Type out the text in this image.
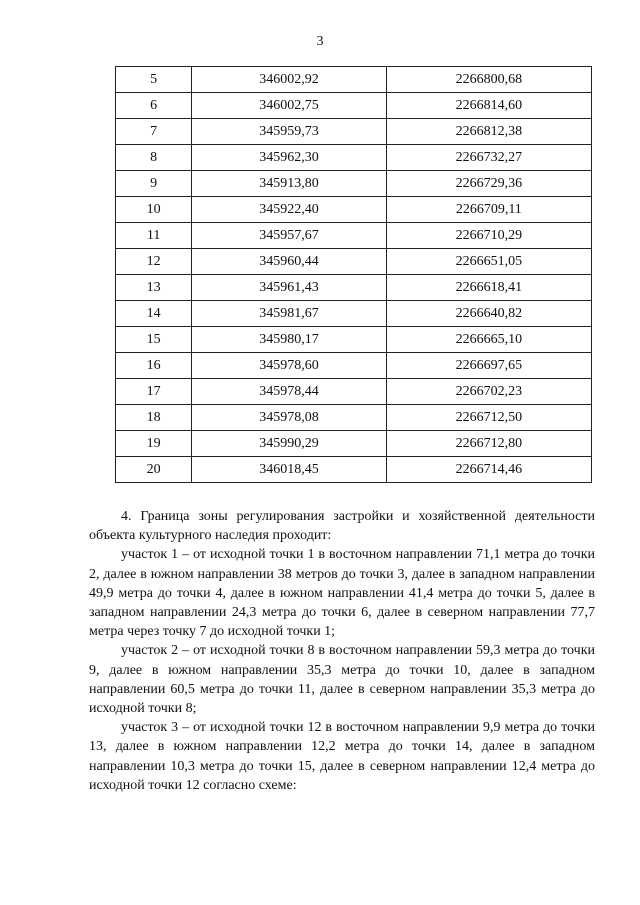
3
5	346002,92	2266800,68
6	346002,75	2266814,60
7	345959,73	2266812,38
8	345962,30	2266732,27
9	345913,80	2266729,36
10	345922,40	2266709,11
11	345957,67	2266710,29
12	345960,44	2266651,05
13	345961,43	2266618,41
14	345981,67	2266640,82
15	345980,17	2266665,10
16	345978,60	2266697,65
17	345978,44	2266702,23
18	345978,08	2266712,50
19	345990,29	2266712,80
20	346018,45	2266714,46

4. Граница зоны регулирования застройки и хозяйственной деятельности объекта культурного наследия проходит:

участок 1 – от исходной точки 1 в восточном направлении 71,1 метра до точки 2, далее в южном направлении 38 метров до точки 3, далее в западном направлении 49,9 метра до точки 4, далее в южном направлении 41,4 метра до точки 5, далее в западном направлении 24,3 метра до точки 6, далее в северном направлении 77,7 метра через точку 7 до исходной точки 1;

участок 2 – от исходной точки 8 в восточном направлении 59,3 метра до точки 9, далее в южном направлении 35,3 метра до точки 10, далее в западном направлении 60,5 метра до точки 11, далее в северном направлении 35,3 метра до исходной точки 8;

участок 3 – от исходной точки 12 в восточном направлении 9,9 метра до точки 13, далее в южном направлении 12,2 метра до точки 14, далее в западном направлении 10,3 метра до точки 15, далее в северном направлении 12,4 метра до исходной точки 12 согласно схеме:
